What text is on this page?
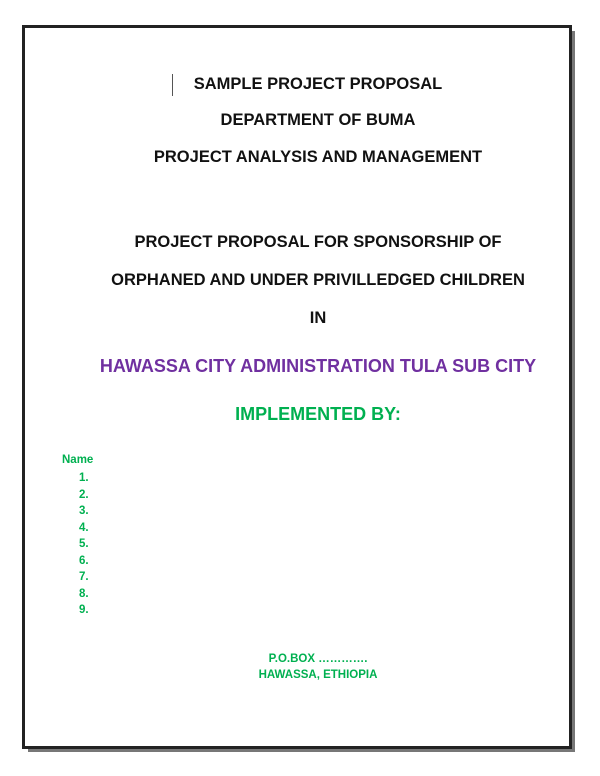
SAMPLE PROJECT PROPOSAL
DEPARTMENT OF BUMA
PROJECT ANALYSIS AND MANAGEMENT
PROJECT PROPOSAL FOR SPONSORSHIP OF
ORPHANED AND UNDER PRIVILLEDGED CHILDREN
IN
HAWASSA CITY ADMINISTRATION TULA SUB CITY
IMPLEMENTED BY:
Name
1.
2.
3.
4.
5.
6.
7.
8.
9.
P.O.BOX ………….
HAWASSA, ETHIOPIA
